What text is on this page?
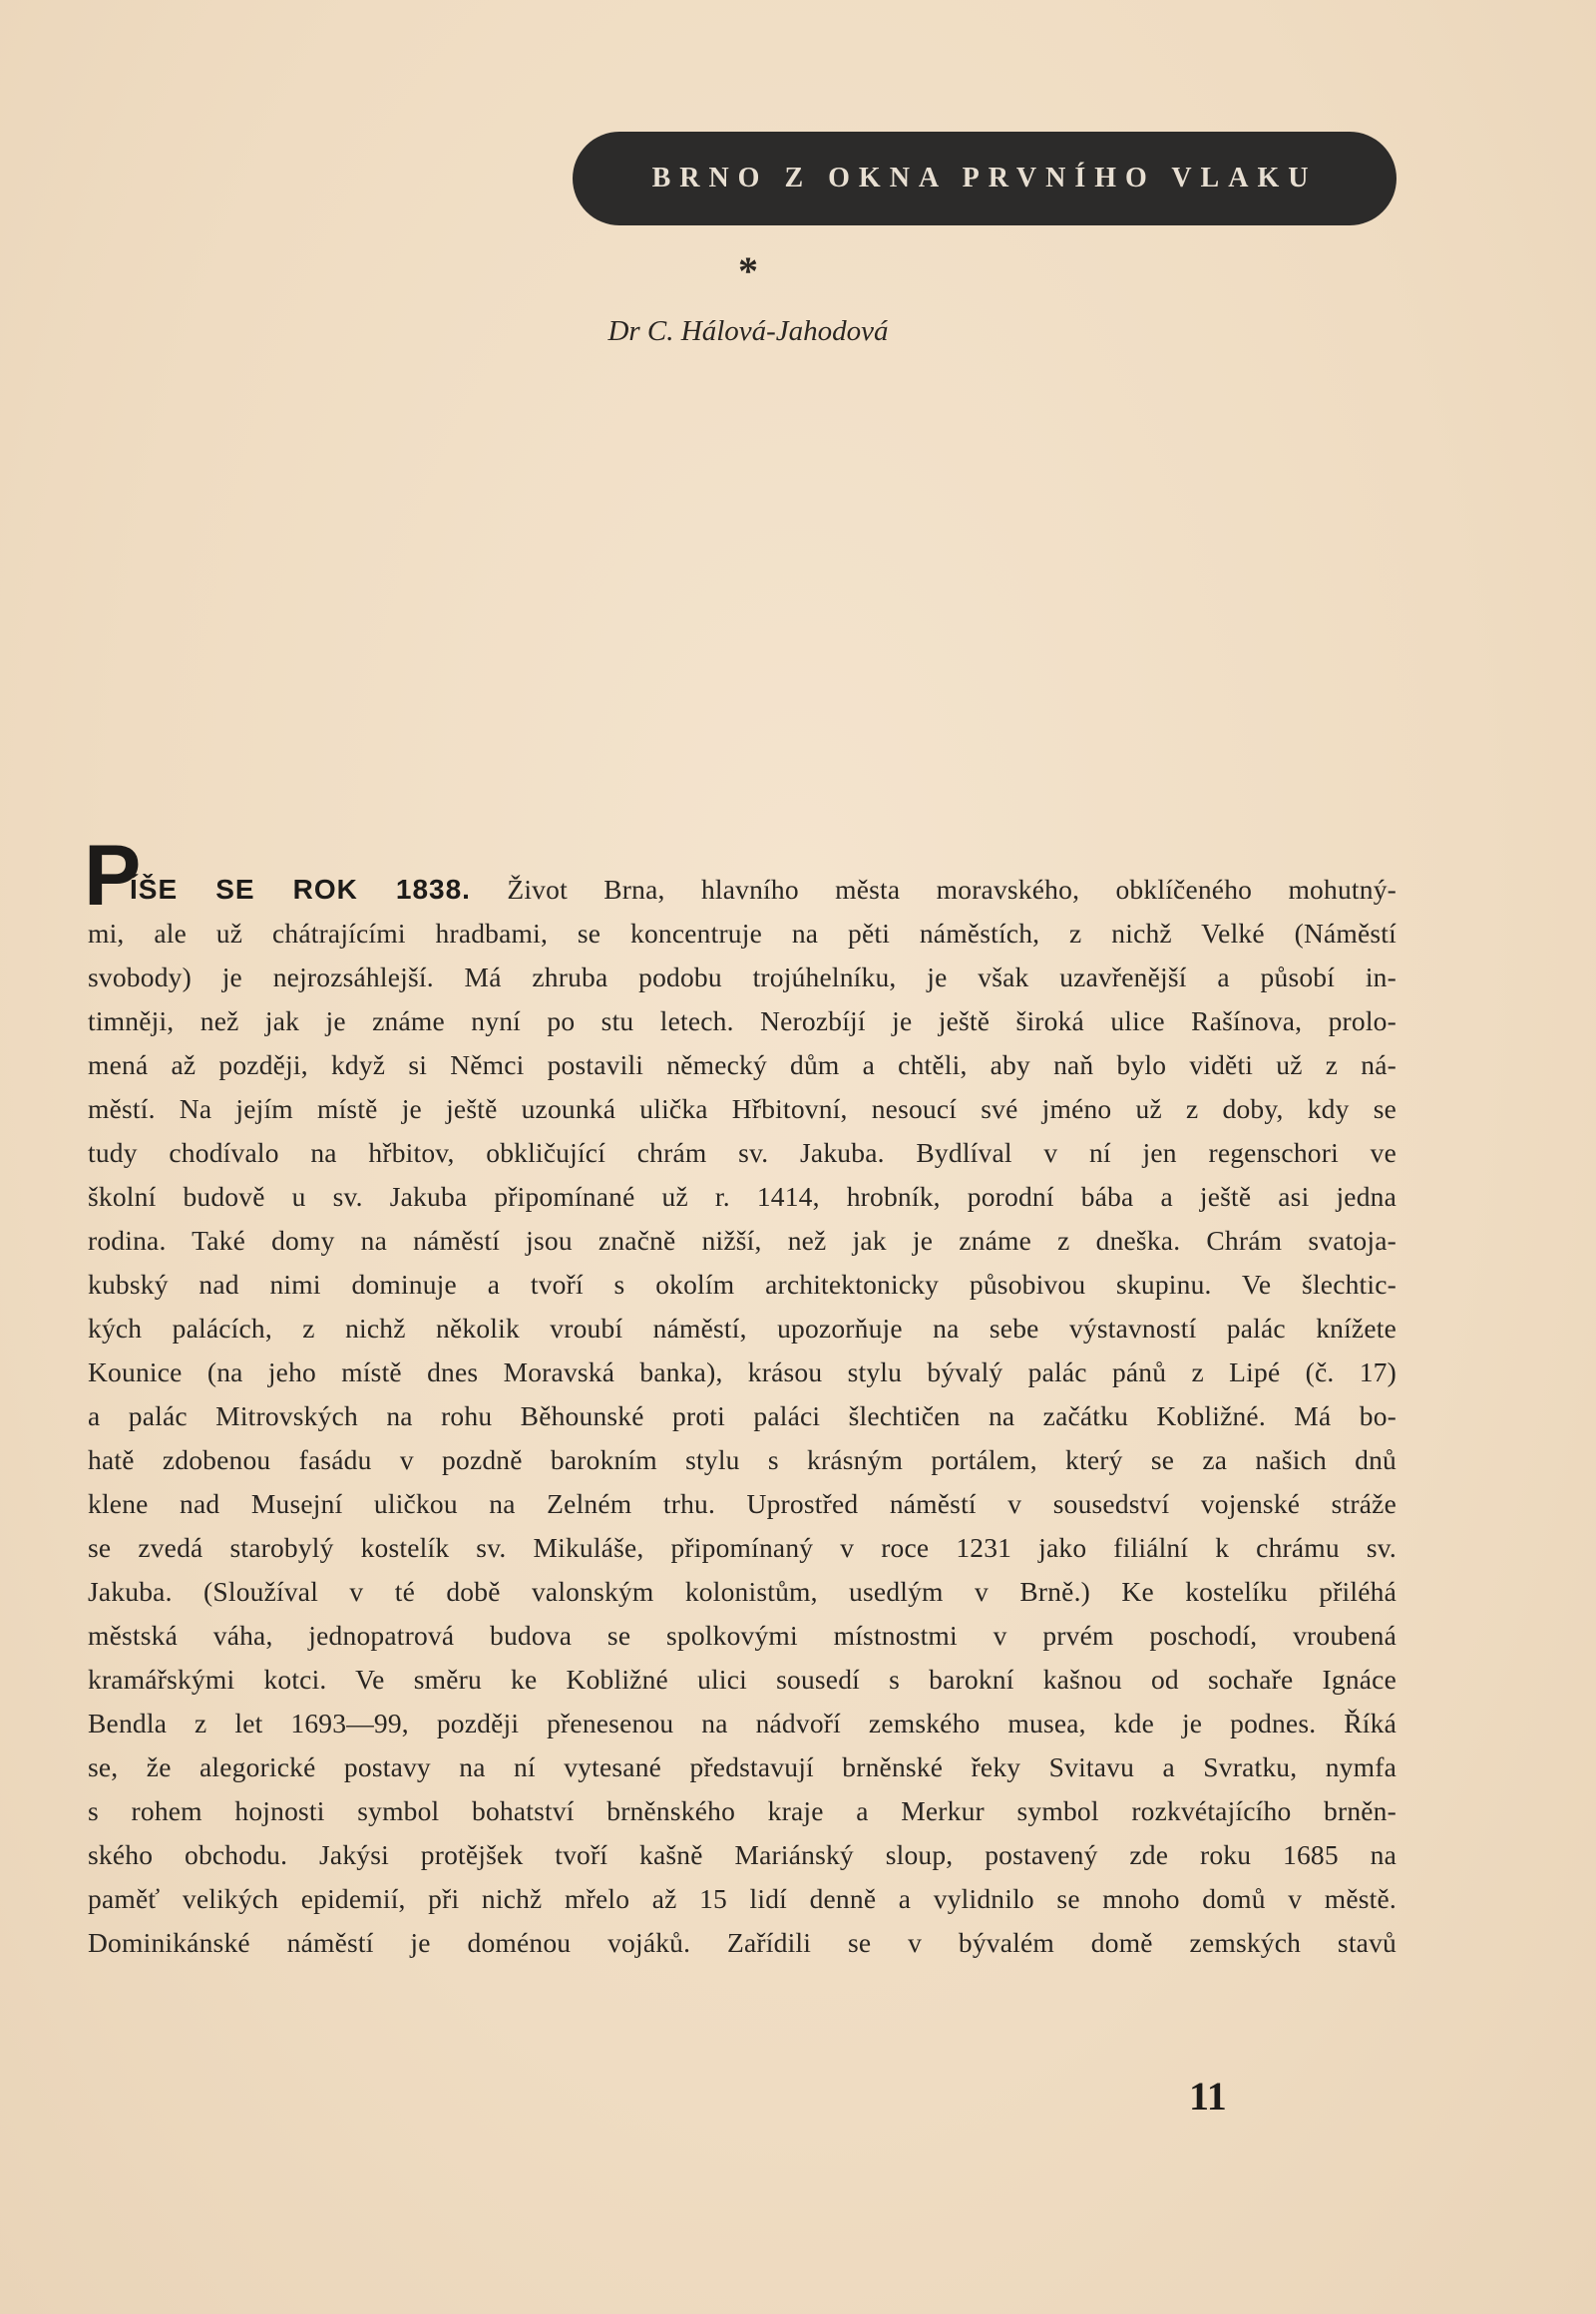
BRNO Z OKNA PRVNÍHO VLAKU
*
Dr C. Hálová-Jahodová
P
ÍŠE SE ROK 1838. Život Brna, hlavního města moravského, obklíčeného mohutný-
mi, ale už chátrajícími hradbami, se koncentruje na pěti náměstích, z nichž Velké (Náměstí
svobody) je nejrozsáhlejší. Má zhruba podobu trojúhelníku, je však uzavřenější a působí in-
timněji, než jak je známe nyní po stu letech. Nerozbíjí je ještě široká ulice Rašínova, prolo-
mená až později, když si Němci postavili německý dům a chtěli, aby naň bylo viděti už z ná-
městí. Na jejím místě je ještě uzounká ulička Hřbitovní, nesoucí své jméno už z doby, kdy se
tudy chodívalo na hřbitov, obkličující chrám sv. Jakuba. Bydlíval v ní jen regenschori ve
školní budově u sv. Jakuba připomínané už r. 1414, hrobník, porodní bába a ještě asi jedna
rodina. Také domy na náměstí jsou značně nižší, než jak je známe z dneška. Chrám svatoja-
kubský nad nimi dominuje a tvoří s okolím architektonicky působivou skupinu. Ve šlechtic-
kých palácích, z nichž několik vroubí náměstí, upozorňuje na sebe výstavností palác knížete
Kounice (na jeho místě dnes Moravská banka), krásou stylu bývalý palác pánů z Lipé (č. 17)
a palác Mitrovských na rohu Běhounské proti paláci šlechtičen na začátku Kobližné. Má bo-
hatě zdobenou fasádu v pozdně barokním stylu s krásným portálem, který se za našich dnů
klene nad Musejní uličkou na Zelném trhu. Uprostřed náměstí v sousedství vojenské stráže
se zvedá starobylý kostelík sv. Mikuláše, připomínaný v roce 1231 jako filiální k chrámu sv.
Jakuba. (Sloužíval v té době valonským kolonistům, usedlým v Brně.) Ke kostelíku přiléhá
městská váha, jednopatrová budova se spolkovými místnostmi v prvém poschodí, vroubená
kramářskými kotci. Ve směru ke Kobližné ulici sousedí s barokní kašnou od sochaře Ignáce
Bendla z let 1693—99, později přenesenou na nádvoří zemského musea, kde je podnes. Říká
se, že alegorické postavy na ní vytesané představují brněnské řeky Svitavu a Svratku, nymfa
s rohem hojnosti symbol bohatství brněnského kraje a Merkur symbol rozkvétajícího brněn-
ského obchodu. Jakýsi protějšek tvoří kašně Mariánský sloup, postavený zde roku 1685 na
paměť velikých epidemií, při nichž mřelo až 15 lidí denně a vylidnilo se mnoho domů v městě.
Dominikánské náměstí je doménou vojáků. Zařídili se v bývalém domě zemských stavů
11
